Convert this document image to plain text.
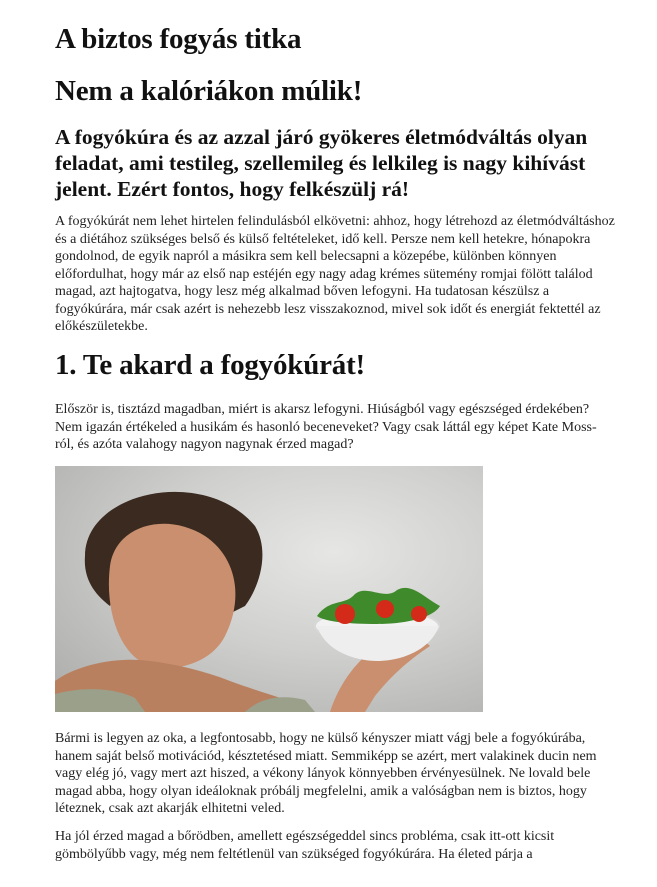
A biztos fogyás titka
Nem a kalóriákon múlik!
A fogyókúra és az azzal járó gyökeres életmódváltás olyan feladat, ami testileg, szellemileg és lelkileg is nagy kihívást jelent. Ezért fontos, hogy felkészülj rá!

A fogyókúrát nem lehet hirtelen felindulásból elkövetni: ahhoz, hogy létrehozd az életmódváltáshoz és a diétához szükséges belső és külső feltételeket, idő kell. Persze nem kell hetekre, hónapokra gondolnod, de egyik napról a másikra sem kell belecsapni a közepébe, különben könnyen előfordulhat, hogy már az első nap estéjén egy nagy adag krémes sütemény romjai fölött találod magad, azt hajtogatva, hogy lesz még alkalmad bőven lefogyni. Ha tudatosan készülsz a fogyókúrára, már csak azért is nehezebb lesz visszakoznod, mivel sok időt és energiát fektettél az előkészületekbe.

1. Te akard a fogyókúrát!

Először is, tisztázd magadban, miért is akarsz lefogyni. Hiúságból vagy egészséged érdekében? Nem igazán értékeled a husikám és hasonló beceneveket? Vagy csak láttál egy képet Kate Moss-ról, és azóta valahogy nagyon nagynak érzed magad?

Bármi is legyen az oka, a legfontosabb, hogy ne külső kényszer miatt vágj bele a fogyókúrába, hanem saját belső motivációd, késztetésed miatt. Semmiképp se azért, mert valakinek ducin nem vagy elég jó, vagy mert azt hiszed, a vékony lányok könnyebben érvényesülnek. Ne lovald bele magad abba, hogy olyan ideáloknak próbálj megfelelni, amik a valóságban nem is biztos, hogy léteznek, csak azt akarják elhitetni veled.

Ha jól érzed magad a bőrödben, amellett egészségeddel sincs probléma, csak itt-ott kicsit gömbölyűbb vagy, még nem feltétlenül van szükséged fogyókúrára. Ha életed párja a
